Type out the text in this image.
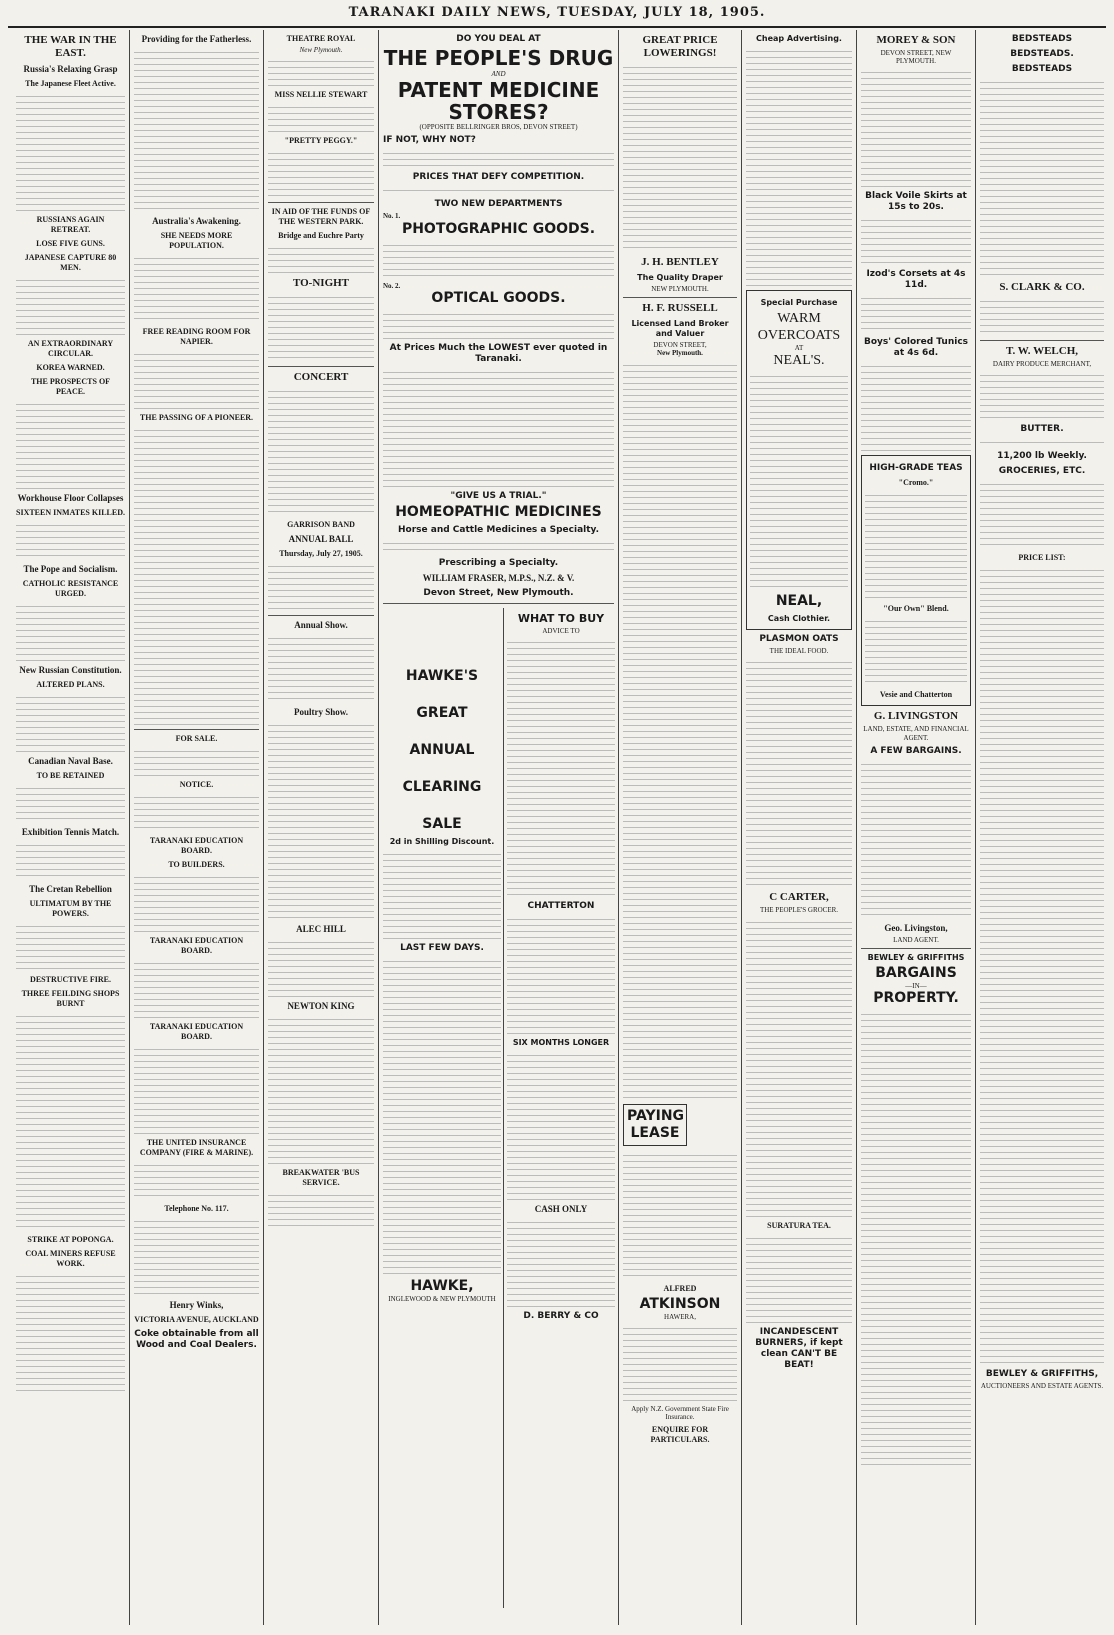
TARANAKI DAILY NEWS, TUESDAY, JULY 18, 1905.
THE WAR IN THE EAST.
Russia's Relaxing Grasp
The Japanese Fleet Active.
RUSSIANS AGAIN RETREAT.
LOSE FIVE GUNS.
JAPANESE CAPTURE 80 MEN.
AN EXTRAORDINARY CIRCULAR.
KOREA WARNED.
THE PROSPECTS OF PEACE.
Workhouse Floor Collapses
SIXTEEN INMATES KILLED.
The Pope and Socialism.
CATHOLIC RESISTANCE URGED.
New Russian Constitution.
ALTERED PLANS.
Canadian Naval Base.
TO BE RETAINED
Exhibition Tennis Match.
The Cretan Rebellion
ULTIMATUM BY THE POWERS.
DESTRUCTIVE FIRE.
THREE FEILDING SHOPS BURNT
STRIKE AT POPONGA.
COAL MINERS REFUSE WORK.
Providing for the Fatherless.
Australia's Awakening.
SHE NEEDS MORE POPULATION.
FREE READING ROOM FOR NAPIER.
THE PASSING OF A PIONEER.
FOR SALE.
NOTICE.
TARANAKI EDUCATION BOARD.
TO BUILDERS.
TARANAKI EDUCATION BOARD.
TARANAKI EDUCATION BOARD.
THE UNITED INSURANCE COMPANY (FIRE & MARINE).
Telephone No. 117.
Henry Winks,
VICTORIA AVENUE, AUCKLAND
Coke obtainable from all Wood and Coal Dealers.
THEATRE ROYAL
New Plymouth.
MISS NELLIE STEWART
"PRETTY PEGGY."
IN AID OF THE FUNDS OF THE WESTERN PARK.
Bridge and Euchre Party
TO-NIGHT
CONCERT
GARRISON BAND
ANNUAL BALL
Thursday, July 27, 1905.
Annual Show.
Poultry Show.
ALEC HILL
NEWTON KING
BREAKWATER 'BUS SERVICE.
DO YOU DEAL AT
THE PEOPLE'S DRUG
AND
PATENT MEDICINE STORES?
(OPPOSITE BELLRINGER BROS, DEVON STREET)
IF NOT, WHY NOT?
PRICES THAT DEFY COMPETITION.
TWO NEW DEPARTMENTS
No. 1.
PHOTOGRAPHIC GOODS.
No. 2.
OPTICAL GOODS.
At Prices Much the LOWEST ever quoted in Taranaki.
"GIVE US A TRIAL."
HOMEOPATHIC MEDICINES
Horse and Cattle Medicines a Specialty.
Prescribing a Specialty.
WILLIAM FRASER, M.P.S., N.Z. & V.
Devon Street, New Plymouth.
HAWKE'S
GREAT
ANNUAL
CLEARING
SALE
2d in Shilling Discount.
LAST FEW DAYS.
HAWKE,
INGLEWOOD & NEW PLYMOUTH
WHAT TO BUY
ADVICE TO
CHATTERTON
SIX MONTHS LONGER
CASH ONLY
D. BERRY & CO
GREAT PRICE LOWERINGS!
J. H. BENTLEY
The Quality Draper
NEW PLYMOUTH.
H. F. RUSSELL
Licensed Land Broker and Valuer
DEVON STREET,
New Plymouth.
PAYING LEASE
ALFRED
ATKINSON
HAWERA,
Apply N.Z. Government State Fire Insurance.
ENQUIRE FOR PARTICULARS.
Cheap Advertising.
Special Purchase
WARM OVERCOATS
AT
NEAL'S.
NEAL,
Cash Clothier.
PLASMON OATS
THE IDEAL FOOD.
C CARTER,
THE PEOPLE'S GROCER.
SURATURA TEA.
INCANDESCENT BURNERS, if kept clean CAN'T BE BEAT!
MOREY & SON
DEVON STREET, NEW PLYMOUTH.
Black Voile Skirts at 15s to 20s.
Izod's Corsets at 4s 11d.
Boys' Colored Tunics at 4s 6d.
HIGH-GRADE TEAS
"Cromo."
"Our Own" Blend.
Vesie and Chatterton
G. LIVINGSTON
LAND, ESTATE, AND FINANCIAL AGENT.
A FEW BARGAINS.
Geo. Livingston,
LAND AGENT.
BEWLEY & GRIFFITHS
BARGAINS
—IN—
PROPERTY.
BEDSTEADS
BEDSTEADS.
BEDSTEADS
S. CLARK & CO.
T. W. WELCH,
DAIRY PRODUCE MERCHANT,
BUTTER.
11,200 lb Weekly.
GROCERIES, ETC.
PRICE LIST:
BEWLEY & GRIFFITHS,
AUCTIONEERS AND ESTATE AGENTS.
